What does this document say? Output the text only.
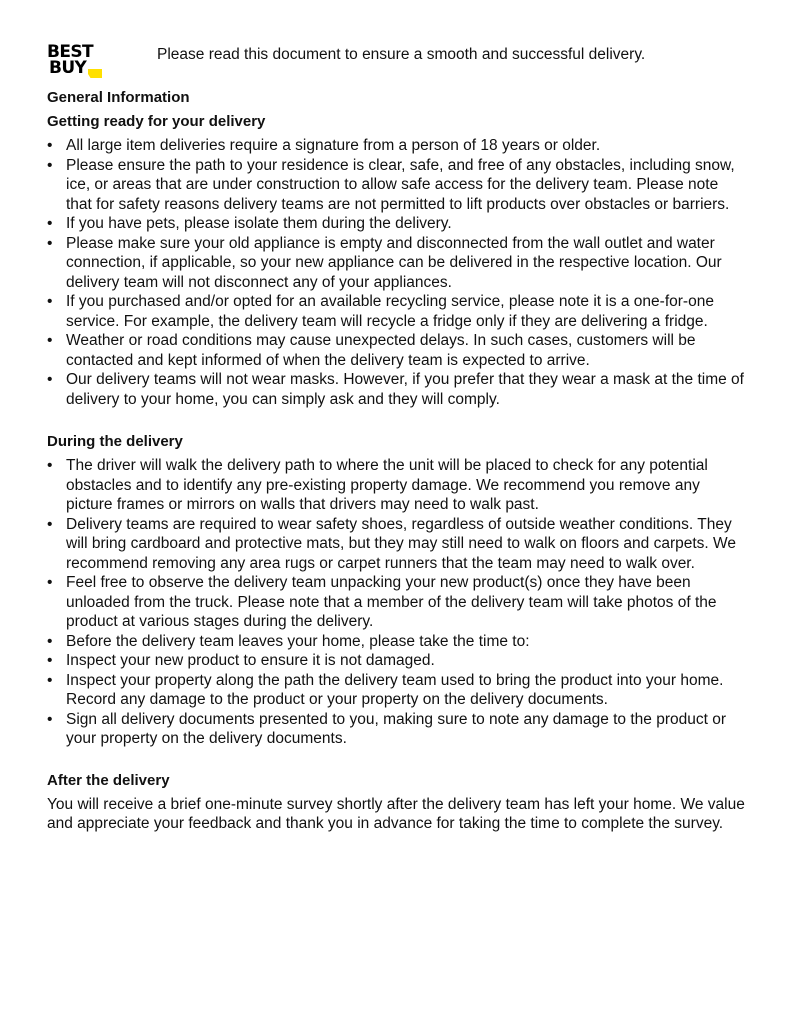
BEST
BUY

Please read this document to ensure a smooth and successful delivery.

General Information
Getting ready for your delivery
• All large item deliveries require a signature from a person of 18 years or older.
• Please ensure the path to your residence is clear, safe, and free of any obstacles, including snow, ice, or areas that are under construction to allow safe access for the delivery team. Please note that for safety reasons delivery teams are not permitted to lift products over obstacles or barriers.
• If you have pets, please isolate them during the delivery.
• Please make sure your old appliance is empty and disconnected from the wall outlet and water connection, if applicable, so your new appliance can be delivered in the respective location. Our delivery team will not disconnect any of your appliances.
• If you purchased and/or opted for an available recycling service, please note it is a one-for-one service. For example, the delivery team will recycle a fridge only if they are delivering a fridge.
• Weather or road conditions may cause unexpected delays. In such cases, customers will be contacted and kept informed of when the delivery team is expected to arrive.
• Our delivery teams will not wear masks. However, if you prefer that they wear a mask at the time of delivery to your home, you can simply ask and they will comply.
During the delivery
• The driver will walk the delivery path to where the unit will be placed to check for any potential obstacles and to identify any pre-existing property damage. We recommend you remove any picture frames or mirrors on walls that drivers may need to walk past.
• Delivery teams are required to wear safety shoes, regardless of outside weather conditions. They will bring cardboard and protective mats, but they may still need to walk on floors and carpets. We recommend removing any area rugs or carpet runners that the team may need to walk over.
• Feel free to observe the delivery team unpacking your new product(s) once they have been unloaded from the truck. Please note that a member of the delivery team will take photos of the product at various stages during the delivery.
• Before the delivery team leaves your home, please take the time to:
• Inspect your new product to ensure it is not damaged.
• Inspect your property along the path the delivery team used to bring the product into your home. Record any damage to the product or your property on the delivery documents.
• Sign all delivery documents presented to you, making sure to note any damage to the product or your property on the delivery documents.
After the delivery

You will receive a brief one-minute survey shortly after the delivery team has left your home. We value and appreciate your feedback and thank you in advance for taking the time to complete the survey.
